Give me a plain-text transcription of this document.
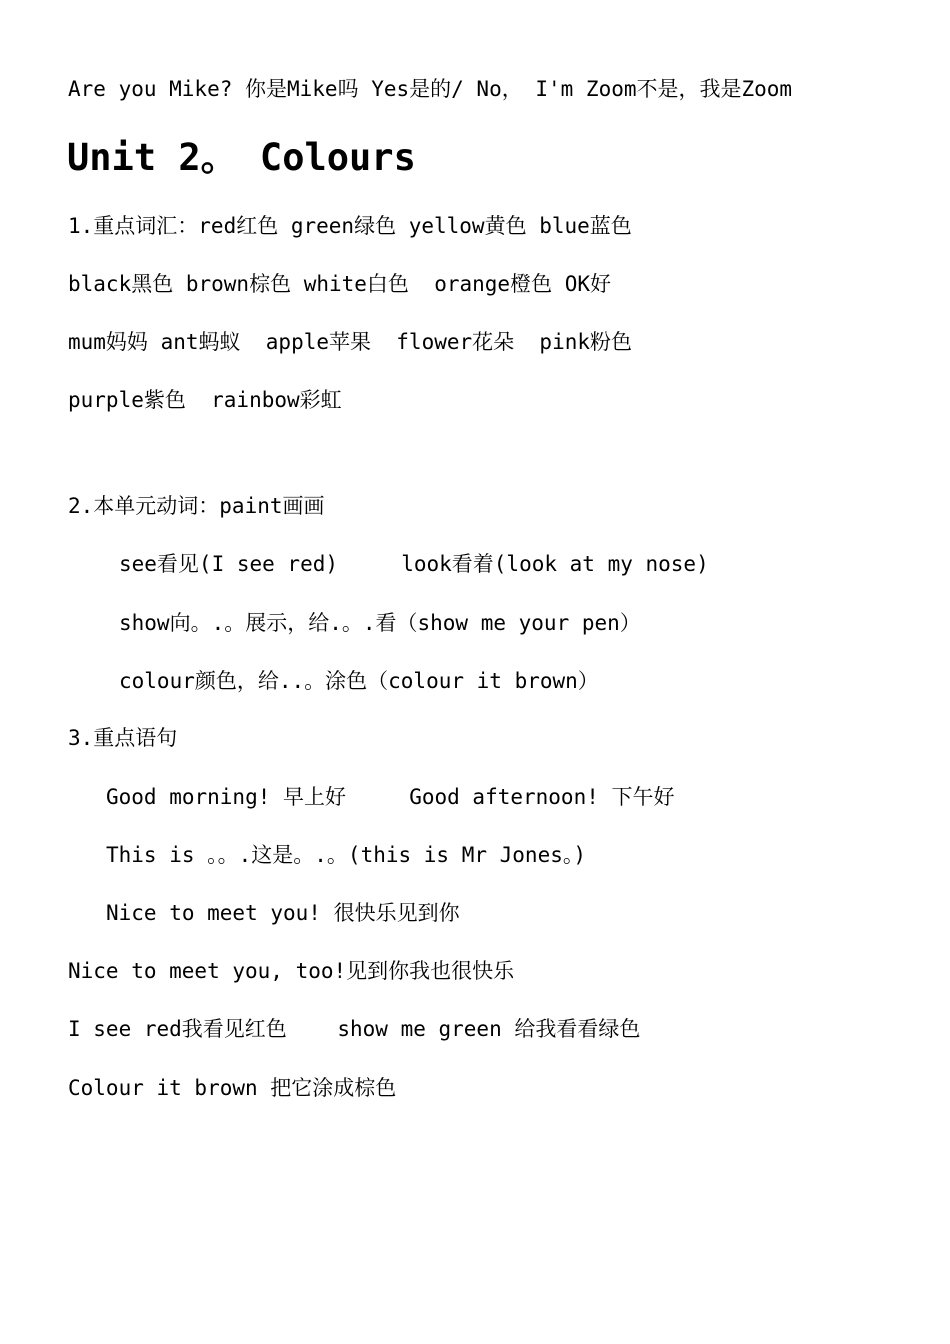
Are you Mike? 你是Mike吗 Yes是的/ No， I'm Zoom不是，我是Zoom

Unit 2。 Colours

1.重点词汇：red红色 green绿色 yellow黄色 blue蓝色

black黑色 brown棕色 white白色  orange橙色 OK好

mum妈妈 ant蚂蚁  apple苹果  flower花朵  pink粉色

purple紫色  rainbow彩虹

2.本单元动词：paint画画

see看见(I see red)     look看着(look at my nose)

show向。.。展示，给.。.看（show me your pen）

colour颜色，给..。涂色（colour it brown）

3.重点语句

Good morning! 早上好     Good afternoon! 下午好

This is 。。.这是。.。(this is Mr Jones。)

Nice to meet you! 很快乐见到你

Nice to meet you, too!见到你我也很快乐

I see red我看见红色    show me green 给我看看绿色

Colour it brown 把它涂成棕色
